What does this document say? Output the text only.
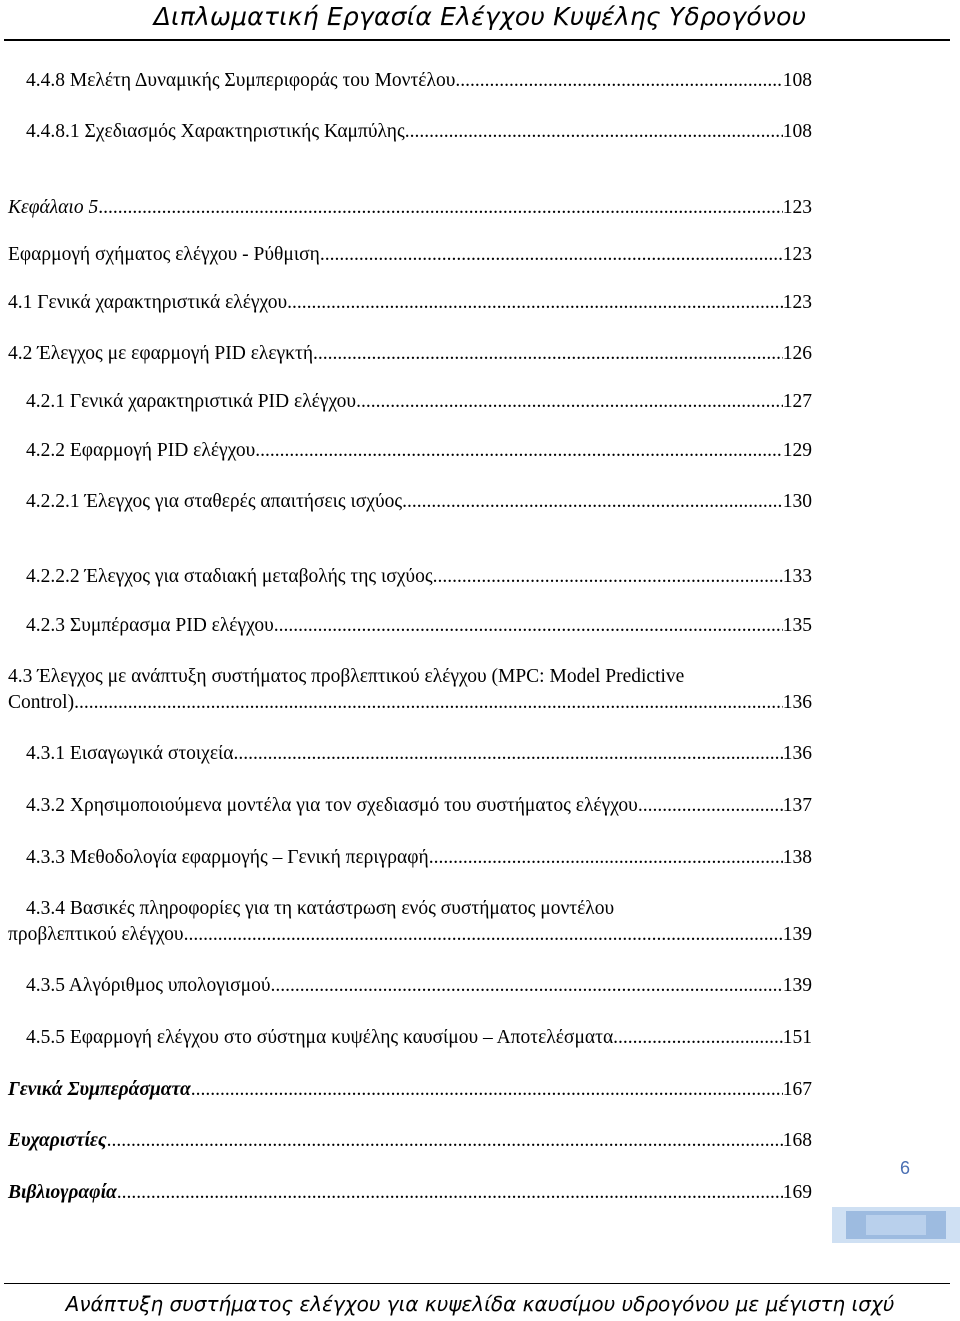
Διπλωματική Εργασία Ελέγχου Κυψέλης Υδρογόνου
4.4.8 Μελέτη Δυναμικής Συμπεριφοράς του Μοντέλου .....	108
4.4.8.1 Σχεδιασμός Χαρακτηριστικής Καμπύλης .....	108
Κεφάλαιο 5 .....	123
Εφαρμογή σχήματος ελέγχου - Ρύθμιση .....	123
4.1 Γενικά χαρακτηριστικά ελέγχου .....	123
4.2 Έλεγχος με εφαρμογή PID ελεγκτή .....	126
4.2.1 Γενικά χαρακτηριστικά PID ελέγχου .....	127
4.2.2 Εφαρμογή PID ελέγχου .....	129
4.2.2.1 Έλεγχος για σταθερές απαιτήσεις ισχύος .....	130
4.2.2.2 Έλεγχος για σταδιακή μεταβολής της ισχύος .....	133
4.2.3 Συμπέρασμα PID ελέγχου .....	135
4.3 Έλεγχος με ανάπτυξη συστήματος προβλεπτικού ελέγχου (MPC: Model Predictive
Control) .....	136
4.3.1 Εισαγωγικά στοιχεία .....	136
4.3.2 Χρησιμοποιούμενα μοντέλα για τον σχεδιασμό του συστήματος ελέγχου .....	137
4.3.3 Μεθοδολογία εφαρμογής – Γενική περιγραφή .....	138
4.3.4 Βασικές πληροφορίες για τη κατάστρωση ενός συστήματος μοντέλου
προβλεπτικού ελέγχου .....	139
4.3.5 Αλγόριθμος υπολογισμού .....	139
4.5.5 Εφαρμογή ελέγχου στο σύστημα κυψέλης καυσίμου – Αποτελέσματα .....	151
Γενικά Συμπεράσματα .....	167
Ευχαριστίες .....	168
Βιβλιογραφία .....	169
6
Ανάπτυξη συστήματος ελέγχου για κυψελίδα καυσίμου υδρογόνου με μέγιστη ισχύ
